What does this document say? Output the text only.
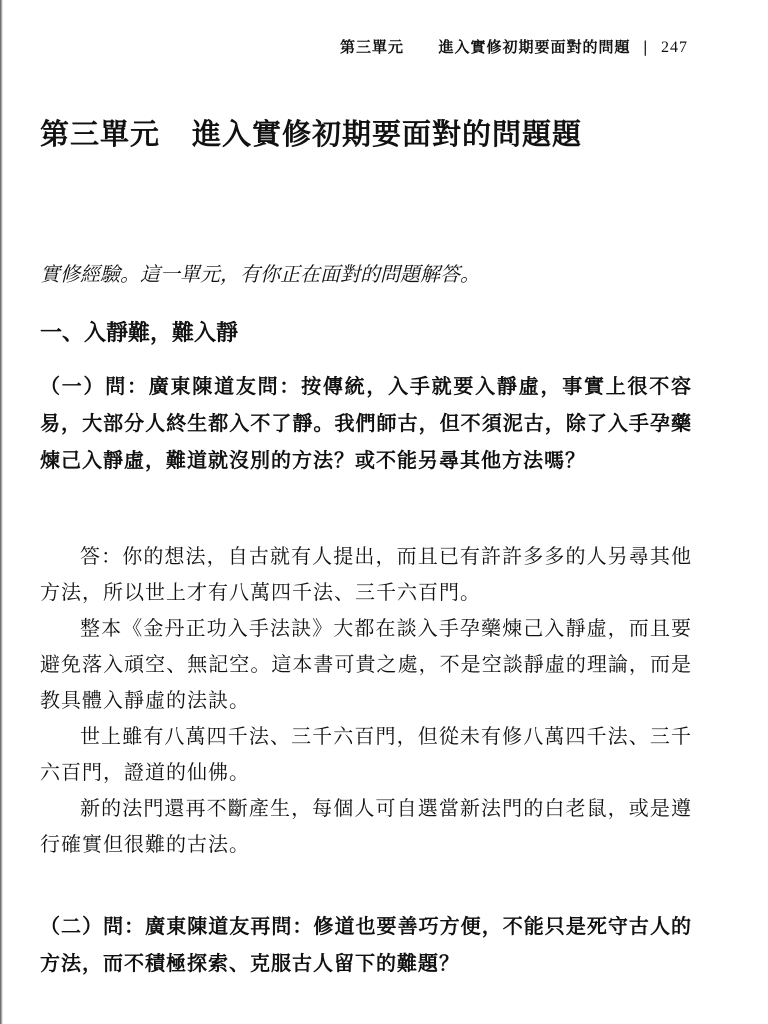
第三單元 進入實修初期要面對的問題 | 247
第三單元 進入實修初期要面對的問題題
實修經驗。這一單元，有你正在面對的問題解答。
一、入靜難，難入靜
（一）問：廣東陳道友問：按傳統，入手就要入靜虛，事實上很不容易，大部分人終生都入不了靜。我們師古，但不須泥古，除了入手孕藥煉己入靜虛，難道就沒別的方法？或不能另尋其他方法嗎？

答：你的想法，自古就有人提出，而且已有許許多多的人另尋其他方法，所以世上才有八萬四千法、三千六百門。

整本《金丹正功入手法訣》大都在談入手孕藥煉己入靜虛，而且要避免落入頑空、無記空。這本書可貴之處，不是空談靜虛的理論，而是教具體入靜虛的法訣。

世上雖有八萬四千法、三千六百門，但從未有修八萬四千法、三千六百門，證道的仙佛。

新的法門還再不斷產生，每個人可自選當新法門的白老鼠，或是遵行確實但很難的古法。

（二）問：廣東陳道友再問：修道也要善巧方便，不能只是死守古人的方法，而不積極探索、克服古人留下的難題？
